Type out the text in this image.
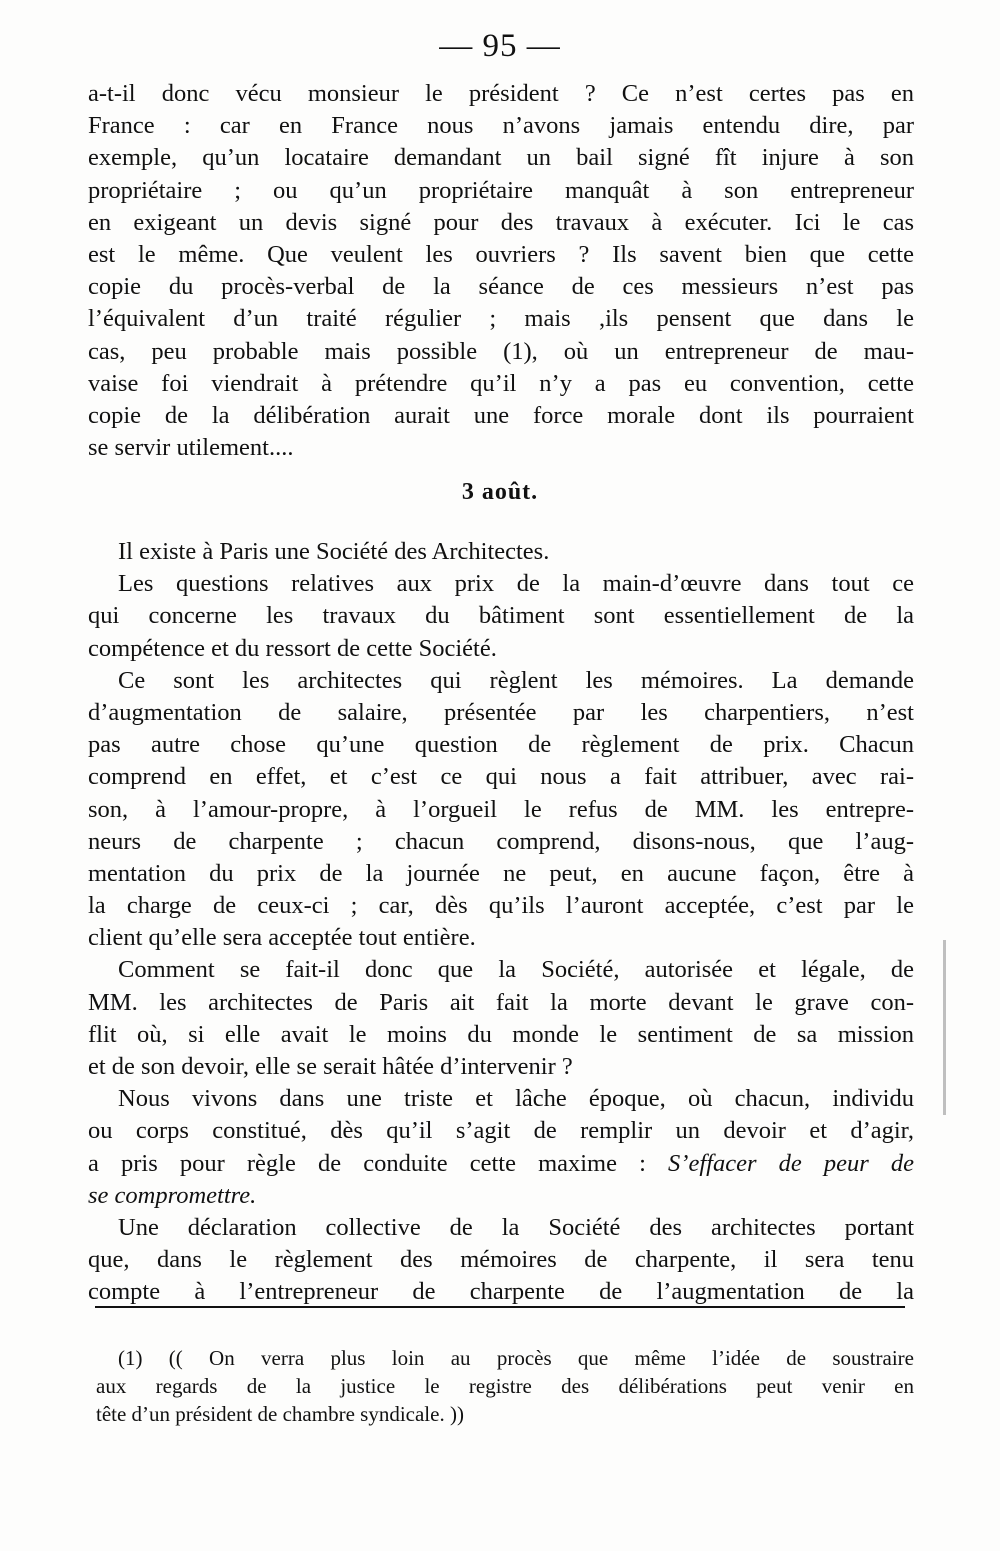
— 95 —
a-t-il donc vécu monsieur le président ? Ce n’est certes pas en
France : car en France nous n’avons jamais entendu dire, par
exemple, qu’un locataire demandant un bail signé fît injure à son
propriétaire ; ou qu’un propriétaire manquât à son entrepreneur
en exigeant un devis signé pour des travaux à exécuter. Ici le cas
est le même. Que veulent les ouvriers ? Ils savent bien que cette
copie du procès-verbal de la séance de ces messieurs n’est pas
l’équivalent d’un traité régulier ; mais ,ils pensent que dans le
cas, peu probable mais possible (1), où un entrepreneur de mau-
vaise foi viendrait à prétendre qu’il n’y a pas eu convention, cette
copie de la délibération aurait une force morale dont ils pourraient
se servir utilement....
3 août.
Il existe à Paris une Société des Architectes.
Les questions relatives aux prix de la main-d’œuvre dans tout ce
qui concerne les travaux du bâtiment sont essentiellement de la
compétence et du ressort de cette Société.
Ce sont les architectes qui règlent les mémoires. La demande
d’augmentation de salaire, présentée par les charpentiers, n’est
pas autre chose qu’une question de règlement de prix. Chacun
comprend en effet, et c’est ce qui nous a fait attribuer, avec rai-
son, à l’amour-propre, à l’orgueil le refus de MM. les entrepre-
neurs de charpente ; chacun comprend, disons-nous, que l’aug-
mentation du prix de la journée ne peut, en aucune façon, être à
la charge de ceux-ci ; car, dès qu’ils l’auront acceptée, c’est par le
client qu’elle sera acceptée tout entière.
Comment se fait-il donc que la Société, autorisée et légale, de
MM. les architectes de Paris ait fait la morte devant le grave con-
flit où, si elle avait le moins du monde le sentiment de sa mission
et de son devoir, elle se serait hâtée d’intervenir ?
Nous vivons dans une triste et lâche époque, où chacun, individu
ou corps constitué, dès qu’il s’agit de remplir un devoir et d’agir,
a pris pour règle de conduite cette maxime : S’effacer de peur de
se compromettre.
Une déclaration collective de la Société des architectes portant
que, dans le règlement des mémoires de charpente, il sera tenu
compte à l’entrepreneur de charpente de l’augmentation de la
(1) (( On verra plus loin au procès que même l’idée de soustraire
aux regards de la justice le registre des délibérations peut venir en
tête d’un président de chambre syndicale. ))
